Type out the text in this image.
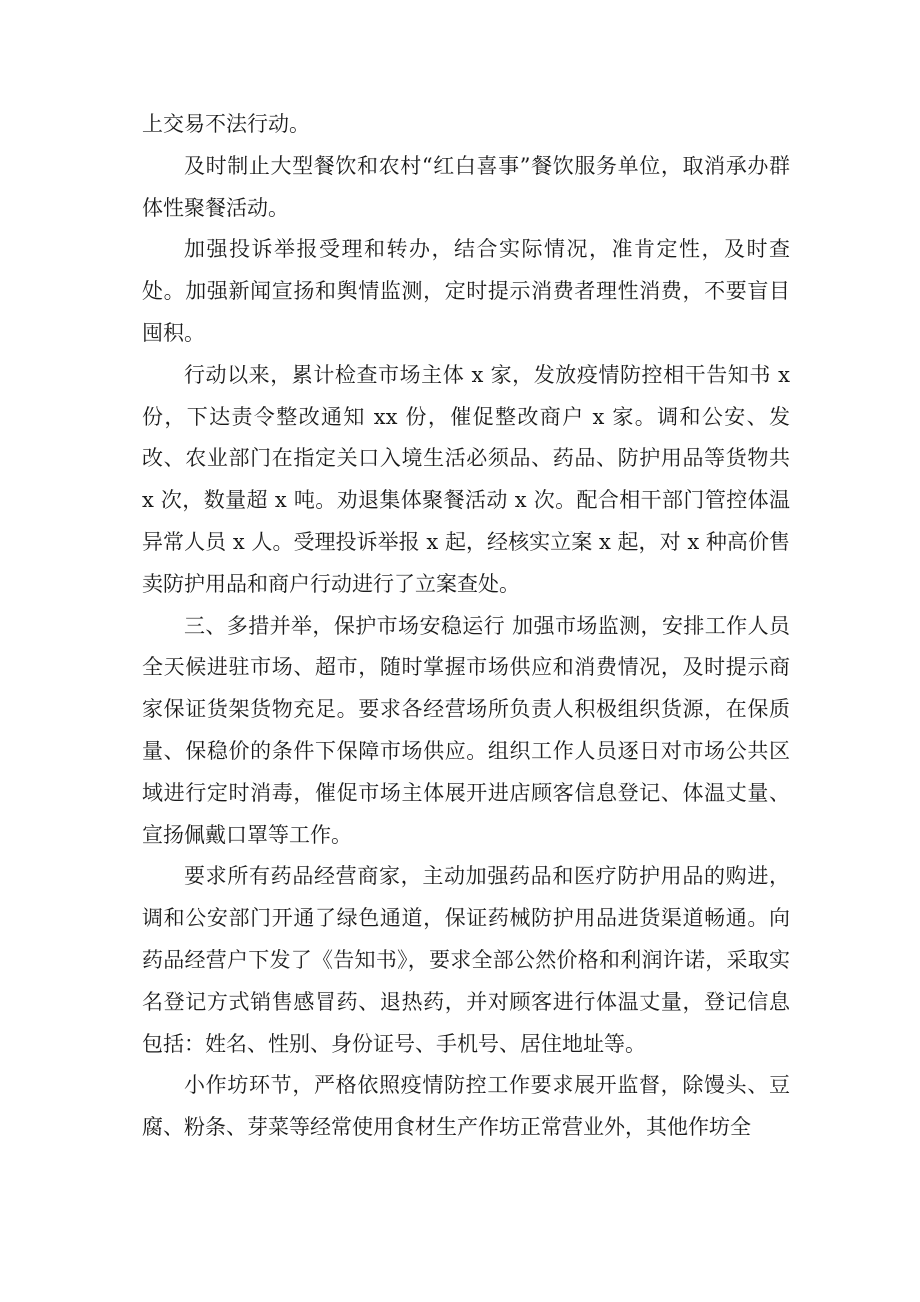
上交易不法行动。

及时制止大型餐饮和农村“红白喜事”餐饮服务单位，取消承办群体性聚餐活动。

加强投诉举报受理和转办，结合实际情况，准肯定性，及时查处。加强新闻宣扬和舆情监测，定时提示消费者理性消费，不要盲目囤积。

行动以来，累计检查市场主体 x 家，发放疫情防控相干告知书 x 份，下达责令整改通知 xx 份，催促整改商户 x 家。调和公安、发改、农业部门在指定关口入境生活必须品、药品、防护用品等货物共 x 次，数量超 x 吨。劝退集体聚餐活动 x 次。配合相干部门管控体温异常人员 x 人。受理投诉举报 x 起，经核实立案 x 起，对 x 种高价售卖防护用品和商户行动进行了立案查处。

三、多措并举，保护市场安稳运行 加强市场监测，安排工作人员全天候进驻市场、超市，随时掌握市场供应和消费情况，及时提示商家保证货架货物充足。要求各经营场所负责人积极组织货源，在保质量、保稳价的条件下保障市场供应。组织工作人员逐日对市场公共区域进行定时消毒，催促市场主体展开进店顾客信息登记、体温丈量、宣扬佩戴口罩等工作。

要求所有药品经营商家，主动加强药品和医疗防护用品的购进，调和公安部门开通了绿色通道，保证药械防护用品进货渠道畅通。向药品经营户下发了《告知书》，要求全部公然价格和利润许诺，采取实名登记方式销售感冒药、退热药，并对顾客进行体温丈量，登记信息包括：姓名、性别、身份证号、手机号、居住地址等。

小作坊环节，严格依照疫情防控工作要求展开监督，除馒头、豆腐、粉条、芽菜等经常使用食材生产作坊正常营业外，其他作坊全
